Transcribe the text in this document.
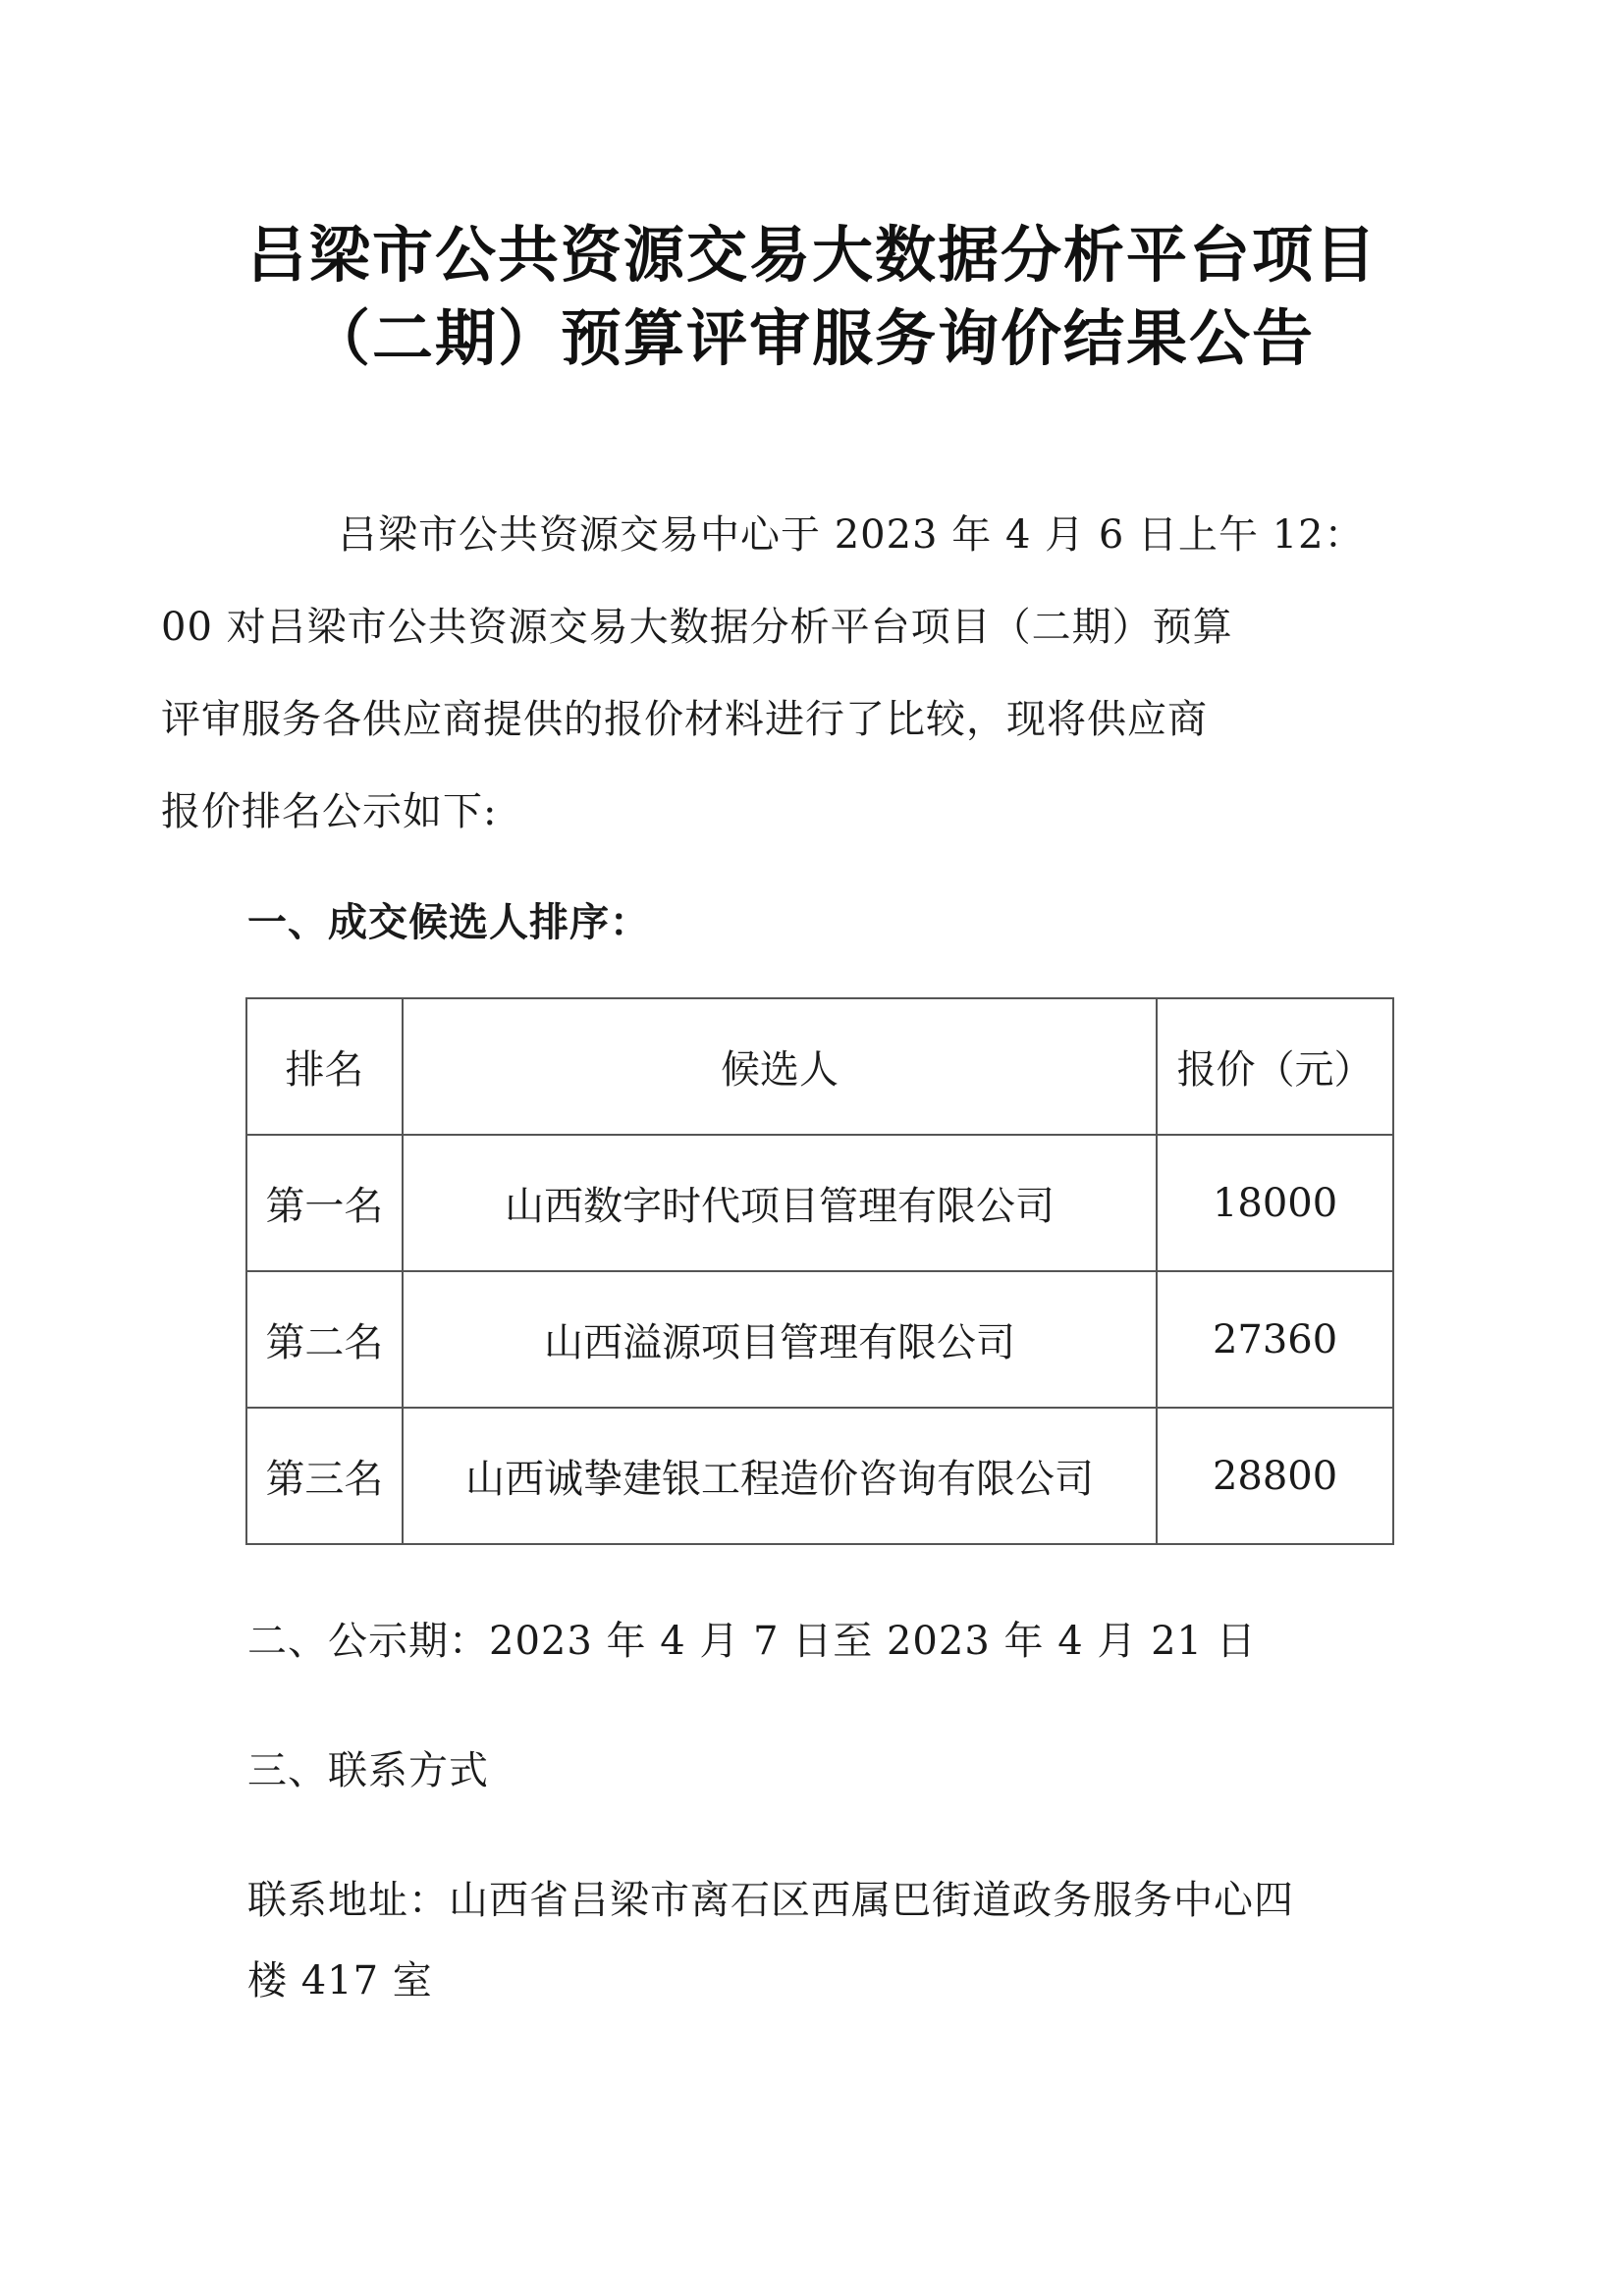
吕梁市公共资源交易大数据分析平台项目
（二期）预算评审服务询价结果公告
吕梁市公共资源交易中心于 2023 年 4 月 6 日上午 12：
00 对吕梁市公共资源交易大数据分析平台项目（二期）预算
评审服务各供应商提供的报价材料进行了比较，现将供应商
报价排名公示如下:
一、成交候选人排序：
排名	候选人	报价（元）
第一名	山西数字时代项目管理有限公司	18000
第二名	山西溢源项目管理有限公司	27360
第三名	山西诚挚建银工程造价咨询有限公司	28800
二、公示期：2023 年 4 月 7 日至 2023 年 4 月 21 日
三、联系方式
联系地址：山西省吕梁市离石区西属巴街道政务服务中心四
楼 417 室
